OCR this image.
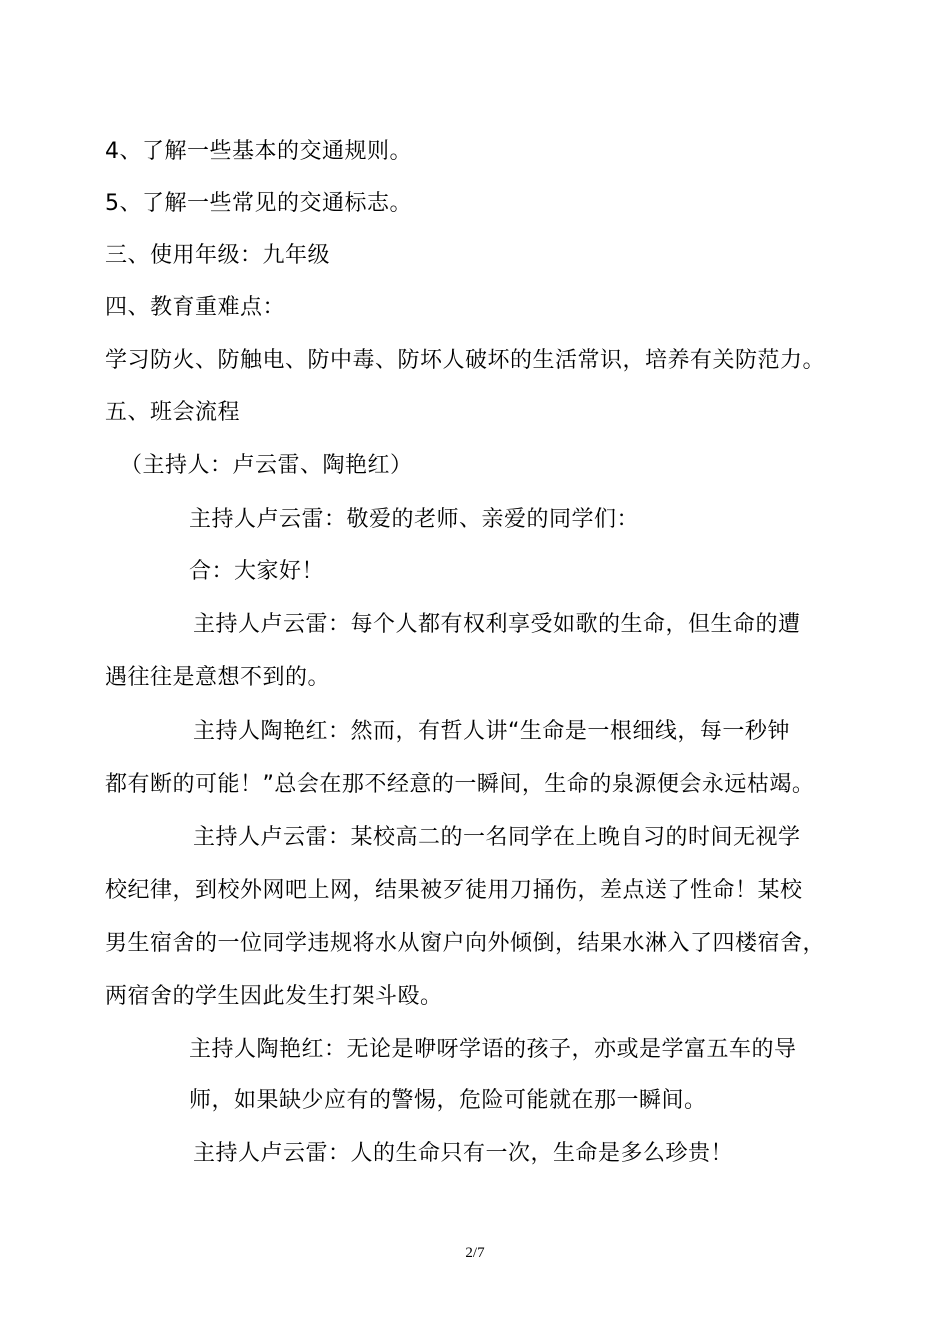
4、了解一些基本的交通规则。
5、了解一些常见的交通标志。
三、使用年级：九年级
四、教育重难点：
学习防火、防触电、防中毒、防坏人破坏的生活常识，培养有关防范力。
五、班会流程
（主持人：卢云雷、陶艳红）
主持人卢云雷：敬爱的老师、亲爱的同学们：
合：大家好！
主持人卢云雷：每个人都有权利享受如歌的生命，但生命的遭
遇往往是意想不到的。
主持人陶艳红：然而，有哲人讲“生命是一根细线，每一秒钟
都有断的可能！”总会在那不经意的一瞬间，生命的泉源便会永远枯竭。
主持人卢云雷：某校高二的一名同学在上晚自习的时间无视学
校纪律，到校外网吧上网，结果被歹徒用刀捅伤，差点送了性命！某校
男生宿舍的一位同学违规将水从窗户向外倾倒，结果水淋入了四楼宿舍，
两宿舍的学生因此发生打架斗殴。
主持人陶艳红：无论是咿呀学语的孩子，亦或是学富五车的导
师，如果缺少应有的警惕，危险可能就在那一瞬间。
主持人卢云雷：人的生命只有一次，生命是多么珍贵！
2/7
